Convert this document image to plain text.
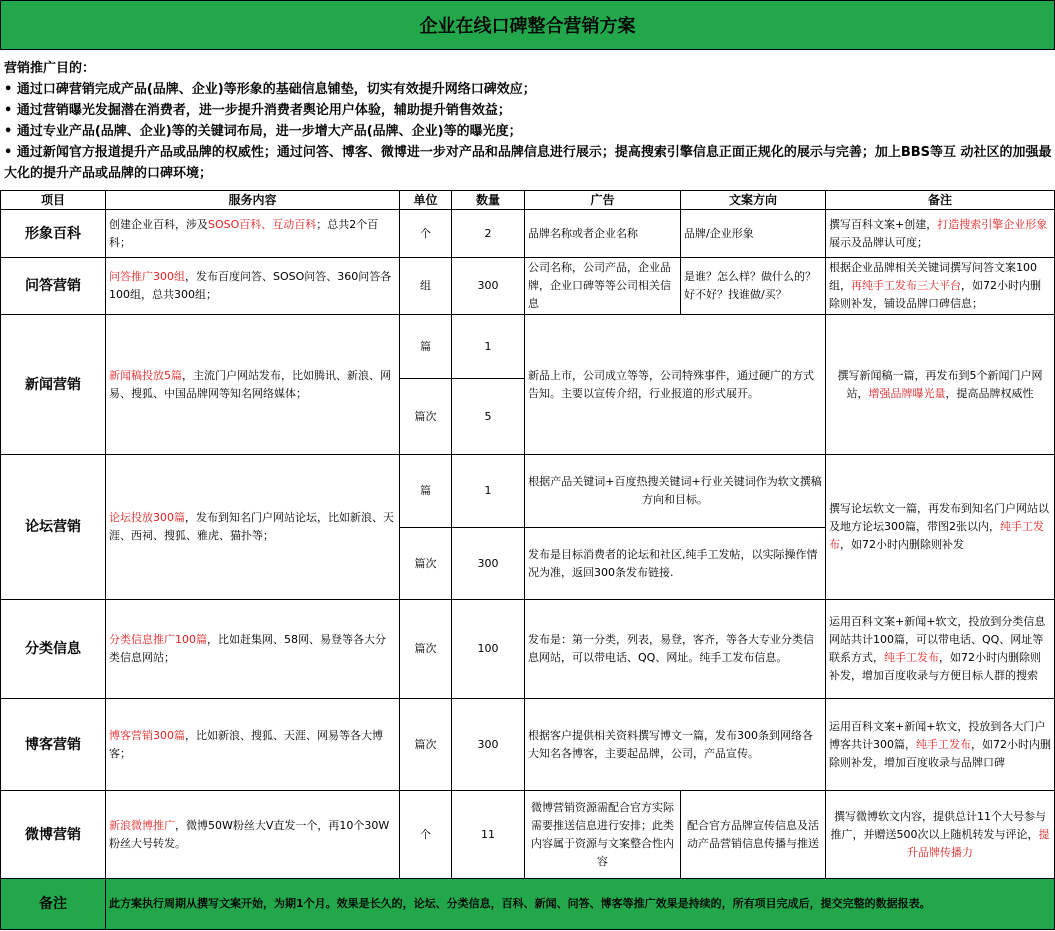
企业在线口碑整合营销方案
营销推广目的：
• 通过口碑营销完成产品(品牌、企业)等形象的基础信息铺垫，切实有效提升网络口碑效应；
• 通过营销曝光发掘潜在消费者，进一步提升消费者舆论用户体验，辅助提升销售效益；
• 通过专业产品(品牌、企业)等的关键词布局，进一步增大产品(品牌、企业)等的曝光度；
• 通过新闻官方报道提升产品或品牌的权威性；通过问答、博客、微博进一步对产品和品牌信息进行展示；提高搜索引擎信息正面正规化的展示与完善；加上BBS等互 动社区的加强最大化的提升产品或品牌的口碑环境；
项目	服务内容	单位	数量	广告	文案方向	备注
形象百科	创建企业百科，涉及SOSO百科、互动百科；总共2个百科；	个	2	品牌名称或者企业名称	品牌/企业形象	撰写百科文案+创建，打造搜索引擎企业形象展示及品牌认可度；
问答营销	问答推广300组，发布百度问答、SOSO问答、360问答各100组，总共300组；	组	300	公司名称，公司产品，企业品牌，企业口碑等等公司相关信息	是谁？怎么样？做什么的？好不好？找谁做/买？	根据企业品牌相关关键词撰写问答文案100组，再纯手工发布三大平台，如72小时内删除则补发，铺设品牌口碑信息；
新闻营销	新闻稿投放5篇，主流门户网站发布，比如腾讯、新浪、网易、搜狐、中国品牌网等知名网络媒体；	篇	1	新品上市，公司成立等等，公司特殊事件，通过硬广的方式告知。主要以宣传介绍，行业报道的形式展开。		撰写新闻稿一篇，再发布到5个新闻门户网站，增强品牌曝光量，提高品牌权威性
		篇次	5			
论坛营销	论坛投放300篇，发布到知名门户网站论坛，比如新浪、天涯、西祠、搜狐、雅虎、猫扑等；	篇	1	根据产品关键词+百度热搜关键词+行业关键词作为软文撰稿方向和目标。		撰写论坛软文一篇，再发布到知名门户网站以及地方论坛300篇，带图2张以内，纯手工发布，如72小时内删除则补发
		篇次	300	发布是目标消费者的论坛和社区,纯手工发帖，以实际操作情况为准，返回300条发布链接.		
分类信息	分类信息推广100篇，比如赶集网、58网、易登等各大分类信息网站；	篇次	100	发布是：第一分类，列表，易登，客齐，等各大专业分类信息网站，可以带电话、QQ、网址。纯手工发布信息。		运用百科文案+新闻+软文，投放到分类信息网站共计100篇，可以带电话、QQ、网址等联系方式，纯手工发布，如72小时内删除则补发，增加百度收录与方便目标人群的搜索
博客营销	博客营销300篇，比如新浪、搜狐、天涯、网易等各大博客；	篇次	300	根据客户提供相关资料撰写博文一篇，发布300条到网络各大知名各博客，主要起品牌，公司，产品宣传。		运用百科文案+新闻+软文，投放到各大门户博客共计300篇，纯手工发布，如72小时内删除则补发，增加百度收录与品牌口碑
微博营销	新浪微博推广，微博50W粉丝大V直发一个，再10个30W粉丝大号转发。	个	11	微博营销资源需配合官方实际需要推送信息进行安排；此类内容属于资源与文案整合性内容	配合官方品牌宣传信息及活动产品营销信息传播与推送	撰写微博软文内容，提供总计11个大号参与推广，并赠送500次以上随机转发与评论，提升品牌传播力
备注	此方案执行周期从撰写文案开始，为期1个月。效果是长久的，论坛、分类信息，百科、新闻、问答、博客等推广效果是持续的，所有项目完成后，提交完整的数据报表。					
